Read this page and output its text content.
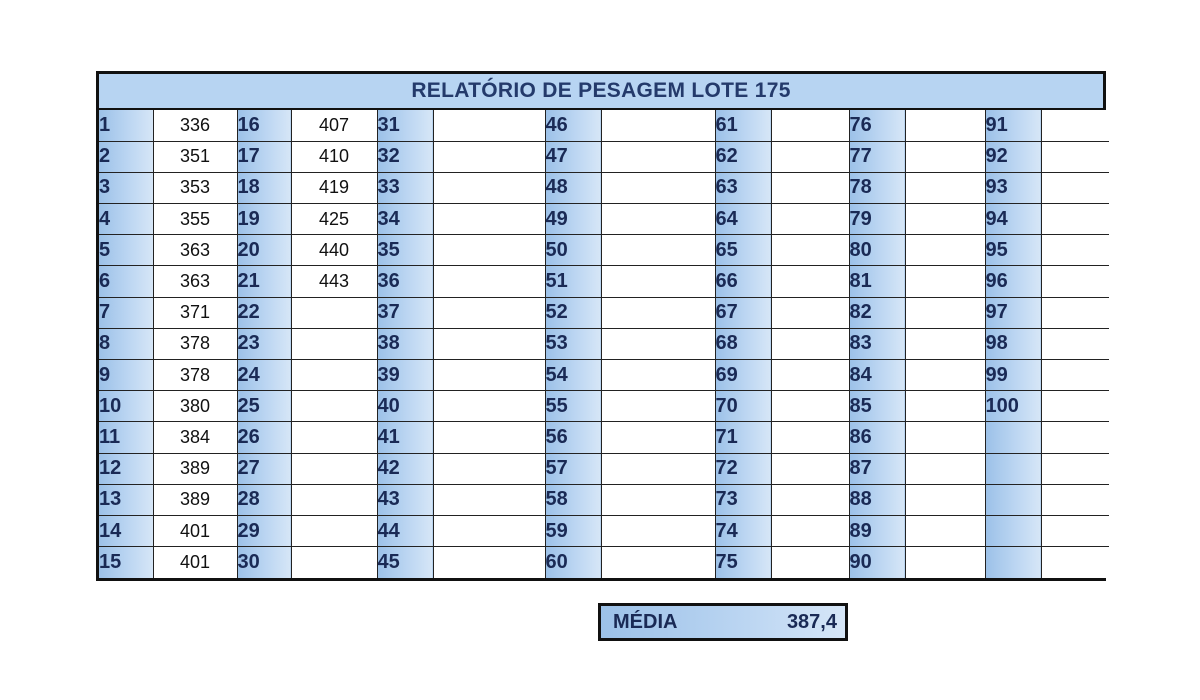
RELATÓRIO DE PESAGEM LOTE 175
1	336	16	407	31		46		61		76		91	
2	351	17	410	32		47		62		77		92	
3	353	18	419	33		48		63		78		93	
4	355	19	425	34		49		64		79		94	
5	363	20	440	35		50		65		80		95	
6	363	21	443	36		51		66		81		96	
7	371	22		37		52		67		82		97	
8	378	23		38		53		68		83		98	
9	378	24		39		54		69		84		99	
10	380	25		40		55		70		85		100	
11	384	26		41		56		71		86			
12	389	27		42		57		72		87			
13	389	28		43		58		73		88			
14	401	29		44		59		74		89			
15	401	30		45		60		75		90			
MÉDIA	387,4
